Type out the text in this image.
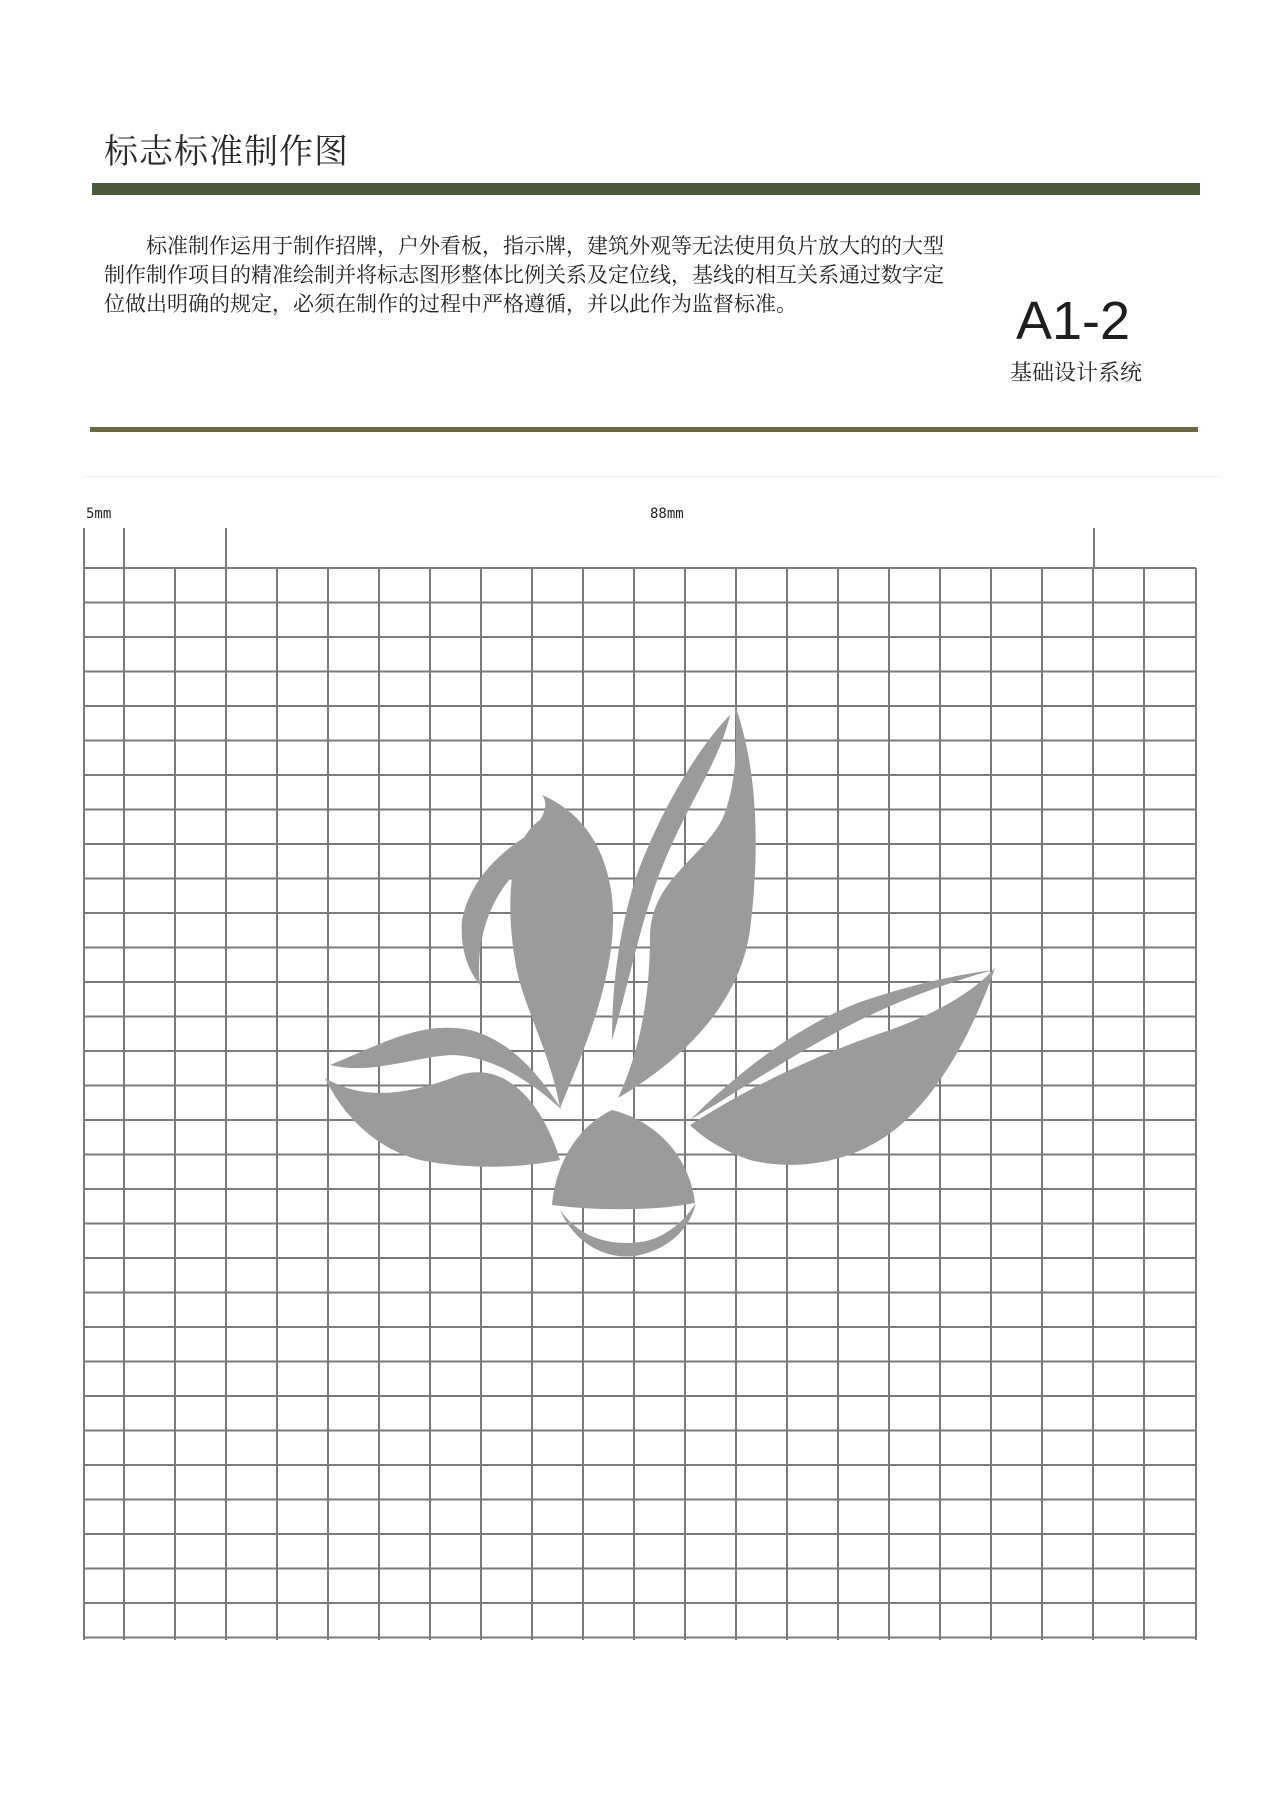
标志标准制作图

标准制作运用于制作招牌，户外看板，指示牌，建筑外观等无法使用负片放大的的大型制作制作项目的精准绘制并将标志图形整体比例关系及定位线，基线的相互关系通过数字定位做出明确的规定，必须在制作的过程中严格遵循，并以此作为监督标准。	A1-2
基础设计系统
5mm	88mm
